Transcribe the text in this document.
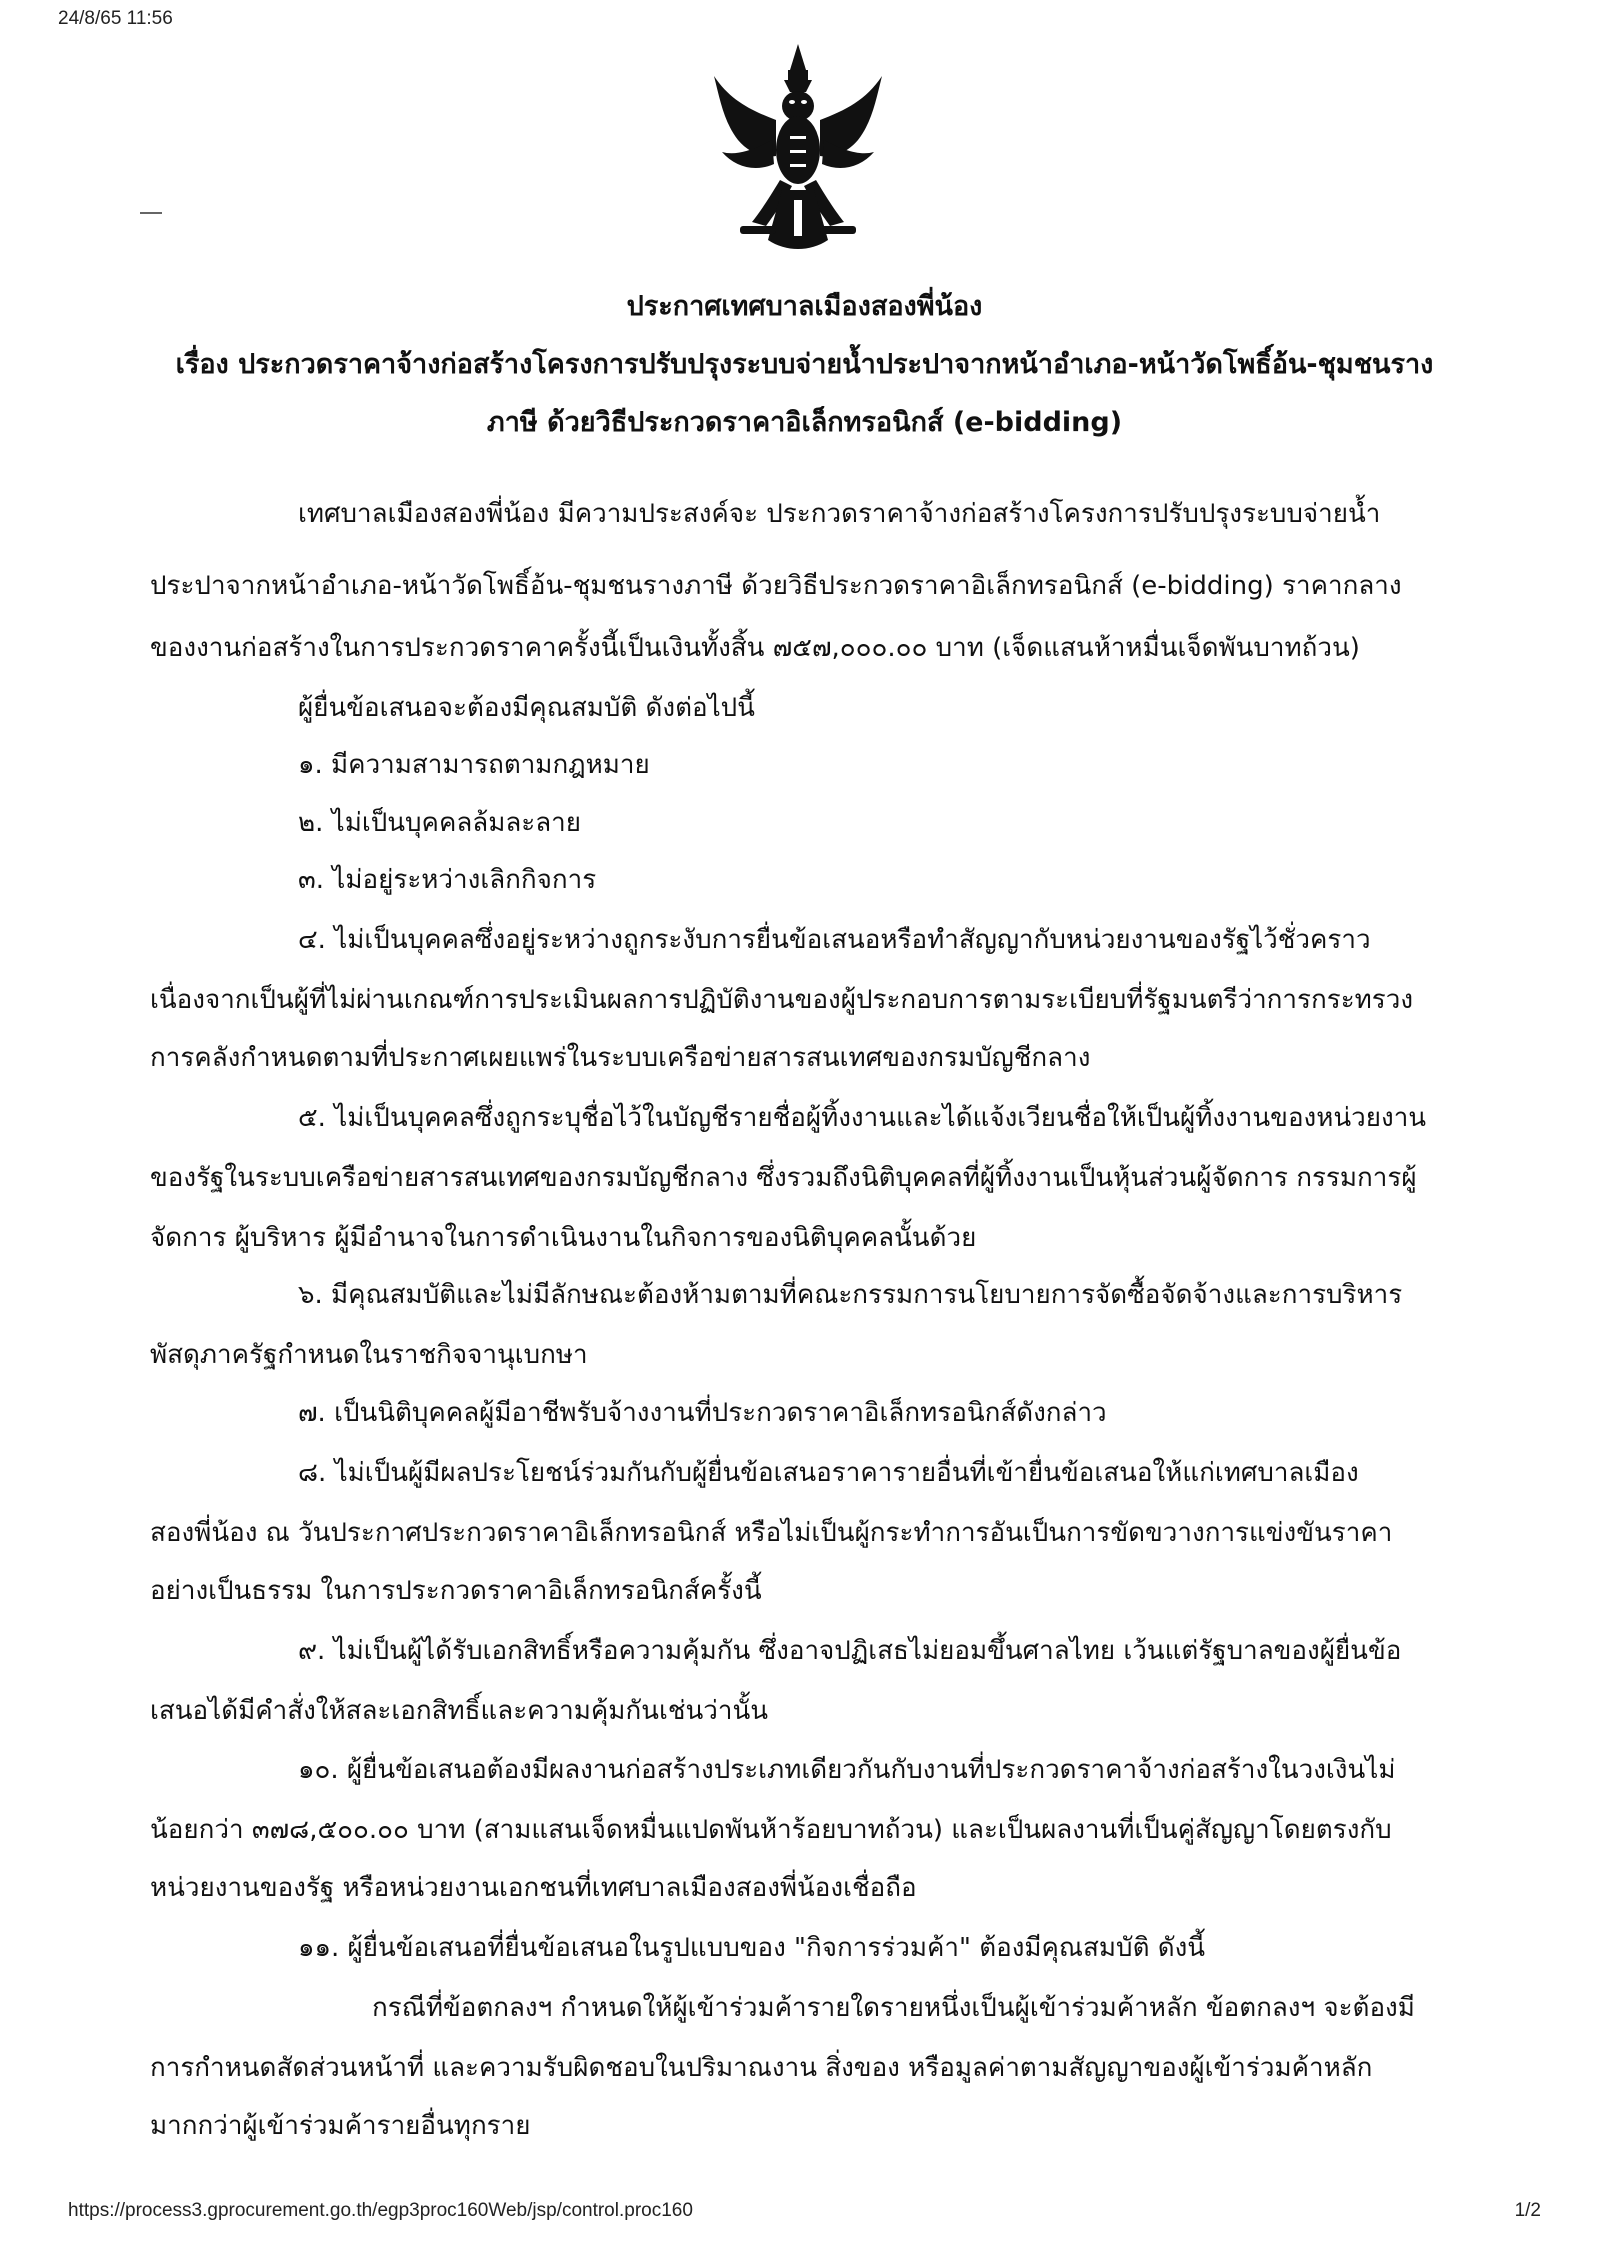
24/8/65 11:56
ประกาศเทศบาลเมืองสองพี่น้อง
เรื่อง ประกวดราคาจ้างก่อสร้างโครงการปรับปรุงระบบจ่ายน้ำประปาจากหน้าอำเภอ-หน้าวัดโพธิ์อ้น-ชุมชนราง
ภาษี ด้วยวิธีประกวดราคาอิเล็กทรอนิกส์ (e-bidding)
เทศบาลเมืองสองพี่น้อง มีความประสงค์จะ ประกวดราคาจ้างก่อสร้างโครงการปรับปรุงระบบจ่ายน้ำ
ประปาจากหน้าอำเภอ-หน้าวัดโพธิ์อ้น-ชุมชนรางภาษี ด้วยวิธีประกวดราคาอิเล็กทรอนิกส์ (e-bidding) ราคากลาง
ของงานก่อสร้างในการประกวดราคาครั้งนี้เป็นเงินทั้งสิ้น ๗๕๗,๐๐๐.๐๐ บาท (เจ็ดแสนห้าหมื่นเจ็ดพันบาทถ้วน)
ผู้ยื่นข้อเสนอจะต้องมีคุณสมบัติ ดังต่อไปนี้
๑. มีความสามารถตามกฎหมาย
๒. ไม่เป็นบุคคลล้มละลาย
๓. ไม่อยู่ระหว่างเลิกกิจการ
๔. ไม่เป็นบุคคลซึ่งอยู่ระหว่างถูกระงับการยื่นข้อเสนอหรือทำสัญญากับหน่วยงานของรัฐไว้ชั่วคราว
เนื่องจากเป็นผู้ที่ไม่ผ่านเกณฑ์การประเมินผลการปฏิบัติงานของผู้ประกอบการตามระเบียบที่รัฐมนตรีว่าการกระทรวง
การคลังกำหนดตามที่ประกาศเผยแพร่ในระบบเครือข่ายสารสนเทศของกรมบัญชีกลาง
๕. ไม่เป็นบุคคลซึ่งถูกระบุชื่อไว้ในบัญชีรายชื่อผู้ทิ้งงานและได้แจ้งเวียนชื่อให้เป็นผู้ทิ้งงานของหน่วยงาน
ของรัฐในระบบเครือข่ายสารสนเทศของกรมบัญชีกลาง ซึ่งรวมถึงนิติบุคคลที่ผู้ทิ้งงานเป็นหุ้นส่วนผู้จัดการ กรรมการผู้
จัดการ ผู้บริหาร ผู้มีอำนาจในการดำเนินงานในกิจการของนิติบุคคลนั้นด้วย
๖. มีคุณสมบัติและไม่มีลักษณะต้องห้ามตามที่คณะกรรมการนโยบายการจัดซื้อจัดจ้างและการบริหาร
พัสดุภาครัฐกำหนดในราชกิจจานุเบกษา
๗. เป็นนิติบุคคลผู้มีอาชีพรับจ้างงานที่ประกวดราคาอิเล็กทรอนิกส์ดังกล่าว
๘. ไม่เป็นผู้มีผลประโยชน์ร่วมกันกับผู้ยื่นข้อเสนอราคารายอื่นที่เข้ายื่นข้อเสนอให้แก่เทศบาลเมือง
สองพี่น้อง ณ วันประกาศประกวดราคาอิเล็กทรอนิกส์ หรือไม่เป็นผู้กระทำการอันเป็นการขัดขวางการแข่งขันราคา
อย่างเป็นธรรม ในการประกวดราคาอิเล็กทรอนิกส์ครั้งนี้
๙. ไม่เป็นผู้ได้รับเอกสิทธิ์หรือความคุ้มกัน ซึ่งอาจปฏิเสธไม่ยอมขึ้นศาลไทย เว้นแต่รัฐบาลของผู้ยื่นข้อ
เสนอได้มีคำสั่งให้สละเอกสิทธิ์และความคุ้มกันเช่นว่านั้น
๑๐. ผู้ยื่นข้อเสนอต้องมีผลงานก่อสร้างประเภทเดียวกันกับงานที่ประกวดราคาจ้างก่อสร้างในวงเงินไม่
น้อยกว่า ๓๗๘,๕๐๐.๐๐ บาท (สามแสนเจ็ดหมื่นแปดพันห้าร้อยบาทถ้วน) และเป็นผลงานที่เป็นคู่สัญญาโดยตรงกับ
หน่วยงานของรัฐ หรือหน่วยงานเอกชนที่เทศบาลเมืองสองพี่น้องเชื่อถือ
๑๑. ผู้ยื่นข้อเสนอที่ยื่นข้อเสนอในรูปแบบของ "กิจการร่วมค้า" ต้องมีคุณสมบัติ ดังนี้
กรณีที่ข้อตกลงฯ กำหนดให้ผู้เข้าร่วมค้ารายใดรายหนึ่งเป็นผู้เข้าร่วมค้าหลัก ข้อตกลงฯ จะต้องมี
การกำหนดสัดส่วนหน้าที่ และความรับผิดชอบในปริมาณงาน สิ่งของ หรือมูลค่าตามสัญญาของผู้เข้าร่วมค้าหลัก
มากกว่าผู้เข้าร่วมค้ารายอื่นทุกราย
https://process3.gprocurement.go.th/egp3proc160Web/jsp/control.proc160	1/2
